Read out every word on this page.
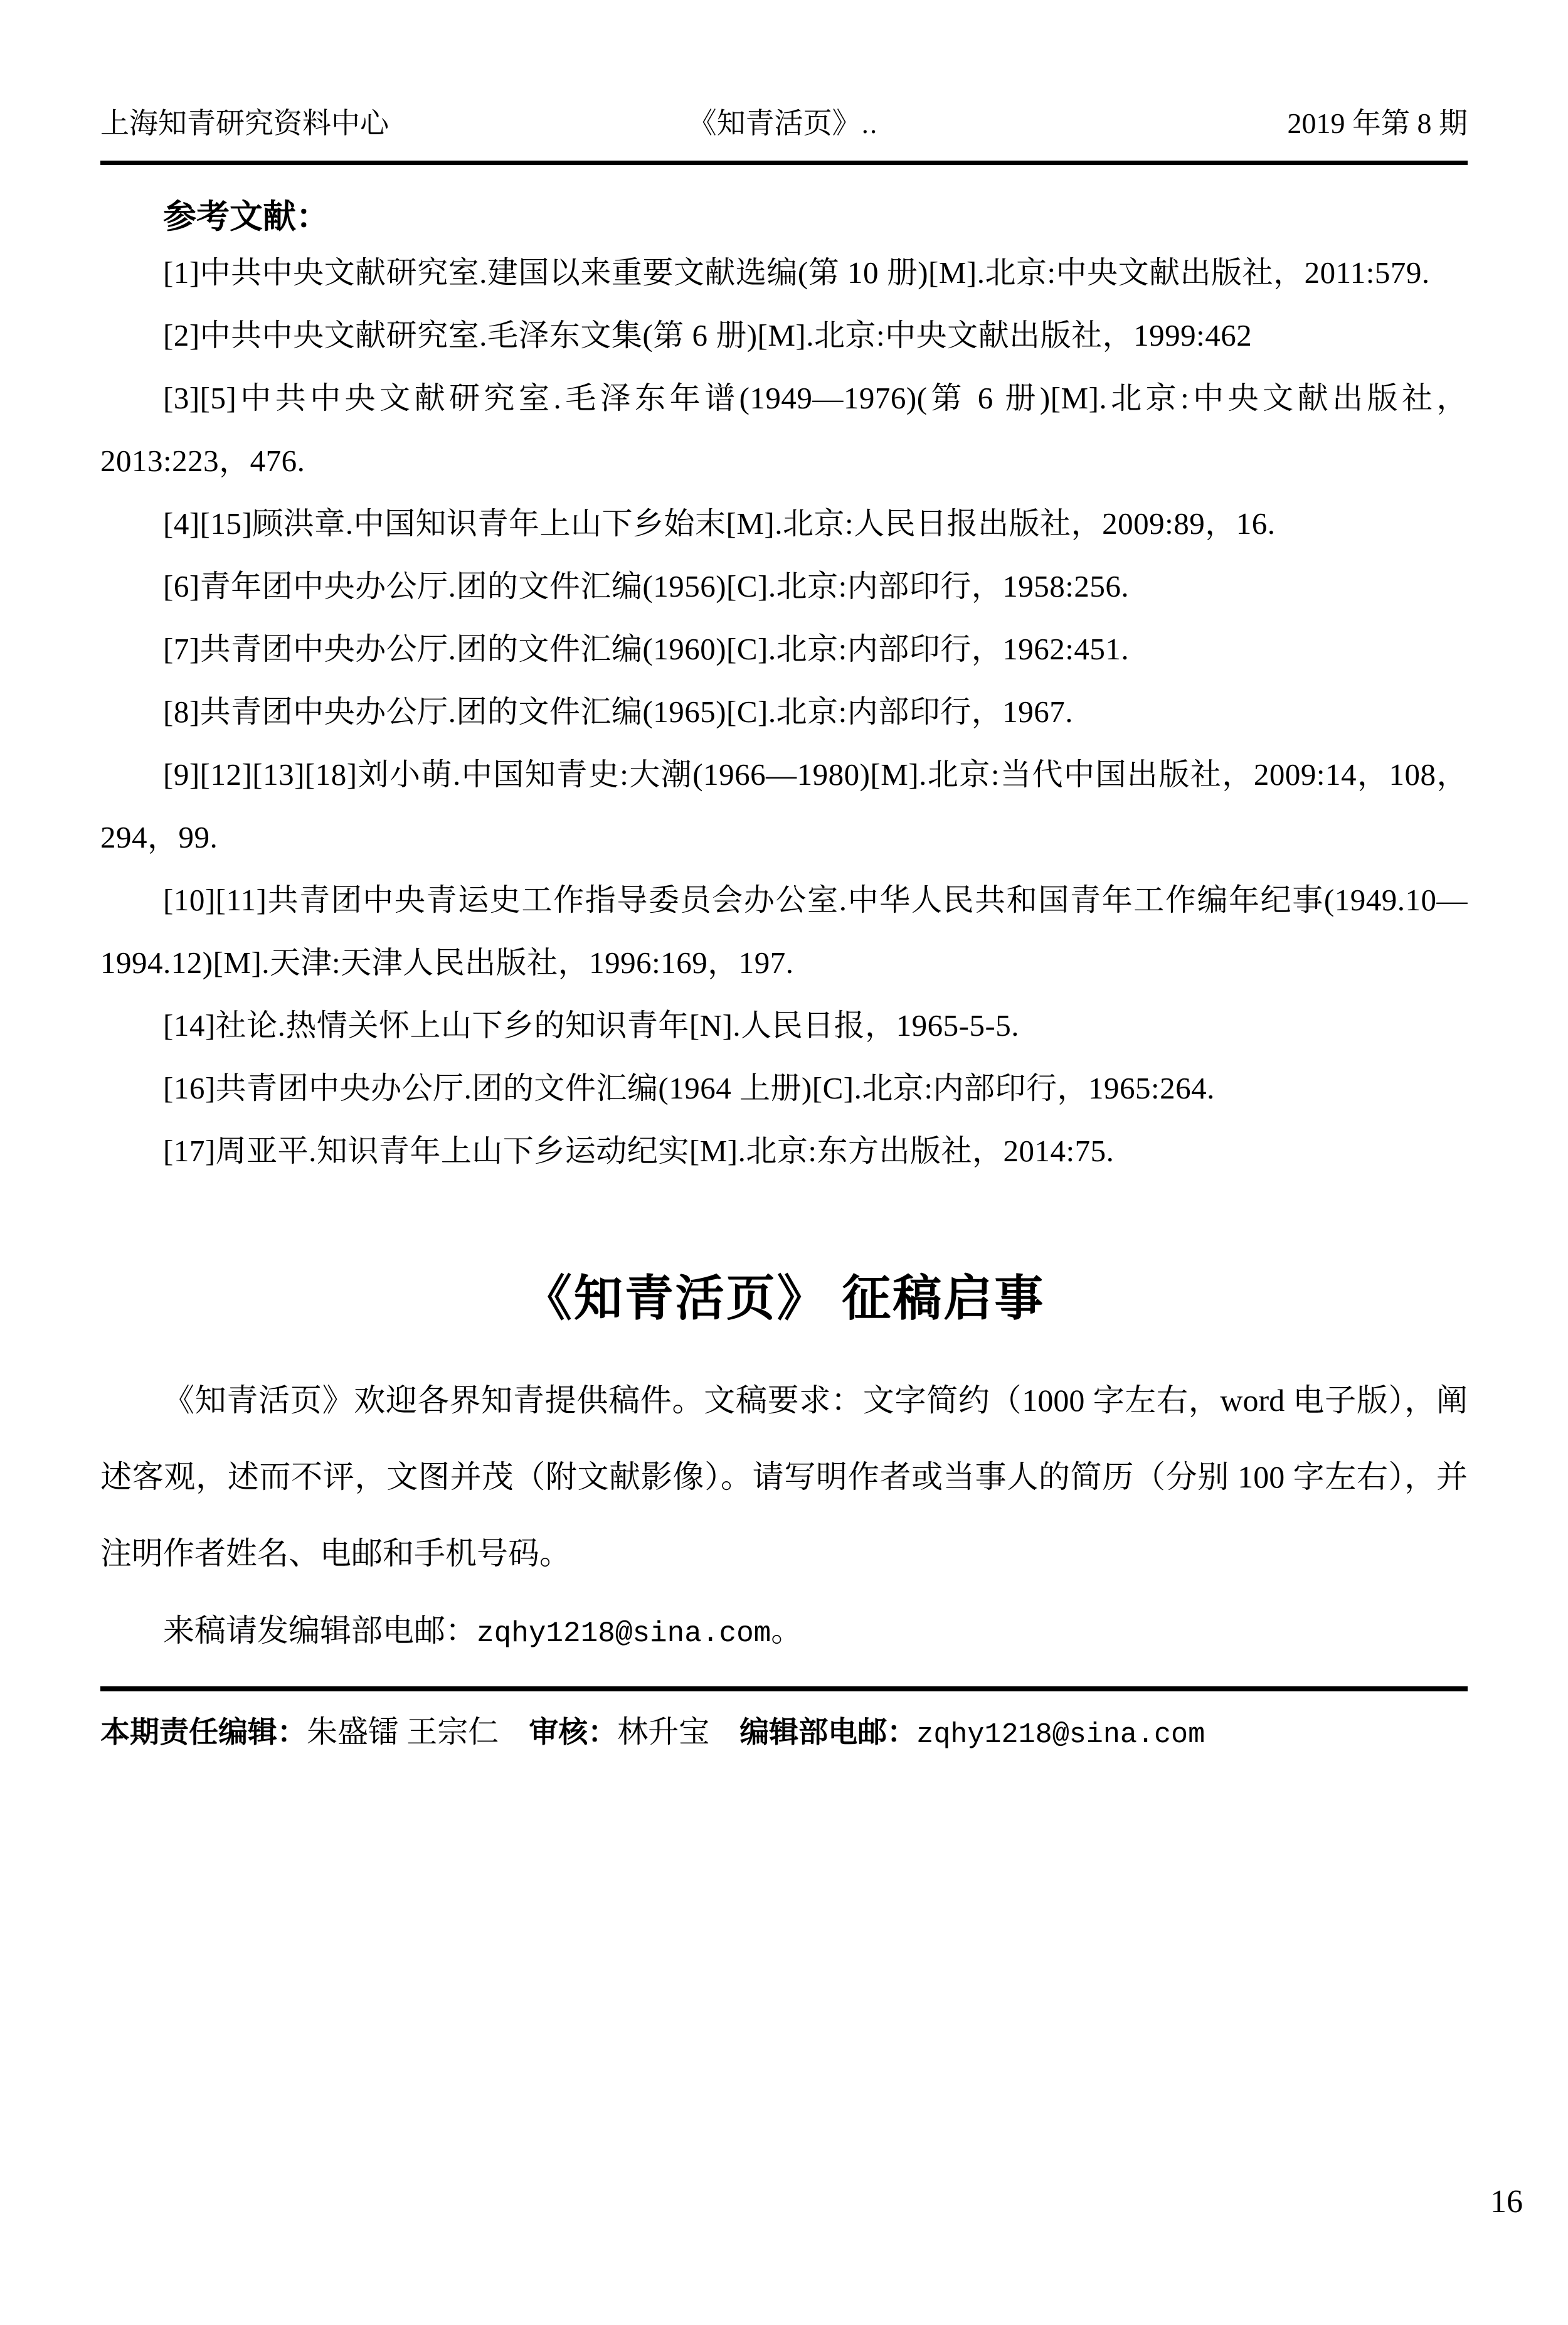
上海知青研究资料中心	《知青活页》‥	2019 年第 8 期
参考文献：

[1]中共中央文献研究室.建国以来重要文献选编(第 10 册)[M].北京:中央文献出版社，2011:579.

[2]中共中央文献研究室.毛泽东文集(第 6 册)[M].北京:中央文献出版社，1999:462

[3][5]中共中央文献研究室.毛泽东年谱(1949—1976)(第 6 册)[M].北京:中央文献出版社，2013:223，476.

[4][15]顾洪章.中国知识青年上山下乡始末[M].北京:人民日报出版社，2009:89，16.

[6]青年团中央办公厅.团的文件汇编(1956)[C].北京:内部印行，1958:256.

[7]共青团中央办公厅.团的文件汇编(1960)[C].北京:内部印行，1962:451.

[8]共青团中央办公厅.团的文件汇编(1965)[C].北京:内部印行，1967.

[9][12][13][18]刘小萌.中国知青史:大潮(1966—1980)[M].北京:当代中国出版社，2009:14，108，294，99.

[10][11]共青团中央青运史工作指导委员会办公室.中华人民共和国青年工作编年纪事(1949.10—1994.12)[M].天津:天津人民出版社，1996:169，197.

[14]社论.热情关怀上山下乡的知识青年[N].人民日报，1965-5-5.

[16]共青团中央办公厅.团的文件汇编(1964 上册)[C].北京:内部印行，1965:264.

[17]周亚平.知识青年上山下乡运动纪实[M].北京:东方出版社，2014:75.

《知青活页》 征稿启事

《知青活页》欢迎各界知青提供稿件。文稿要求：文字简约（1000 字左右，word 电子版），阐述客观，述而不评，文图并茂（附文献影像）。请写明作者或当事人的简历（分别 100 字左右），并注明作者姓名、电邮和手机号码。

来稿请发编辑部电邮：zqhy1218@sina.com。

本期责任编辑：朱盛镭 王宗仁 审核：林升宝 编辑部电邮：zqhy1218@sina.com
16
